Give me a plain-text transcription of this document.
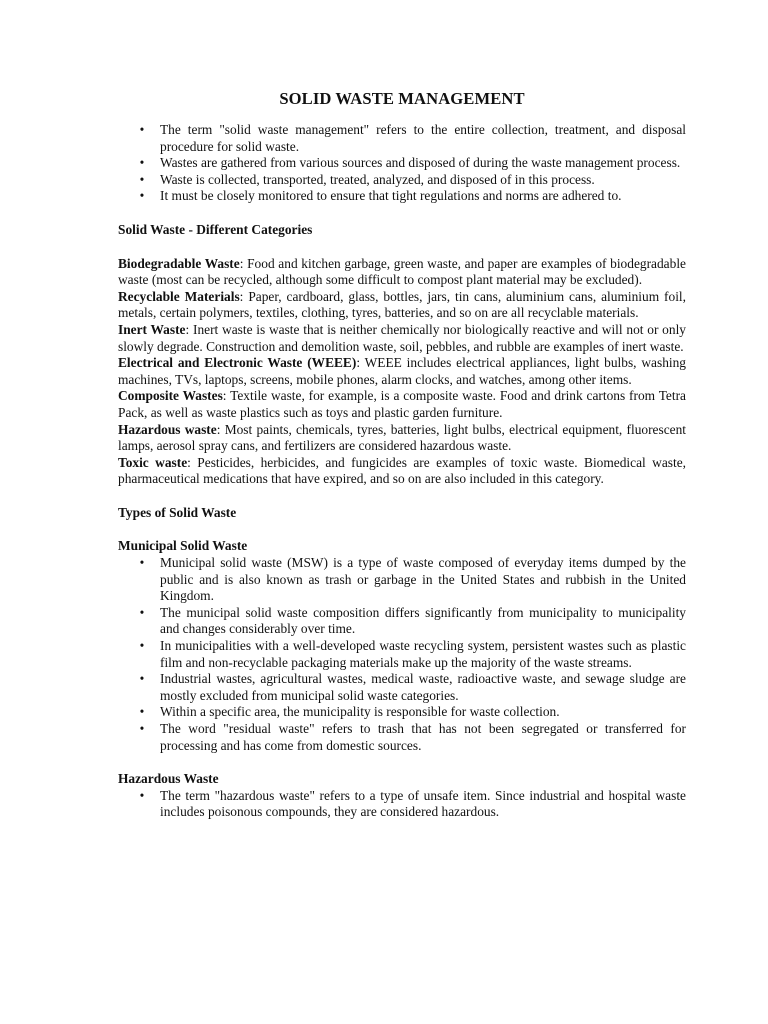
SOLID WASTE MANAGEMENT
• The term "solid waste management" refers to the entire collection, treatment, and disposal procedure for solid waste.
• Wastes are gathered from various sources and disposed of during the waste management process.
• Waste is collected, transported, treated, analyzed, and disposed of in this process.
• It must be closely monitored to ensure that tight regulations and norms are adhered to.

Solid Waste - Different Categories

Biodegradable Waste: Food and kitchen garbage, green waste, and paper are examples of biodegradable waste (most can be recycled, although some difficult to compost plant material may be excluded).

Recyclable Materials: Paper, cardboard, glass, bottles, jars, tin cans, aluminium cans, aluminium foil, metals, certain polymers, textiles, clothing, tyres, batteries, and so on are all recyclable materials.

Inert Waste: Inert waste is waste that is neither chemically nor biologically reactive and will not or only slowly degrade. Construction and demolition waste, soil, pebbles, and rubble are examples of inert waste.

Electrical and Electronic Waste (WEEE): WEEE includes electrical appliances, light bulbs, washing machines, TVs, laptops, screens, mobile phones, alarm clocks, and watches, among other items.

Composite Wastes: Textile waste, for example, is a composite waste. Food and drink cartons from Tetra Pack, as well as waste plastics such as toys and plastic garden furniture.

Hazardous waste: Most paints, chemicals, tyres, batteries, light bulbs, electrical equipment, fluorescent lamps, aerosol spray cans, and fertilizers are considered hazardous waste.

Toxic waste: Pesticides, herbicides, and fungicides are examples of toxic waste. Biomedical waste, pharmaceutical medications that have expired, and so on are also included in this category.

Types of Solid Waste

Municipal Solid Waste

• Municipal solid waste (MSW) is a type of waste composed of everyday items dumped by the public and is also known as trash or garbage in the United States and rubbish in the United Kingdom.
• The municipal solid waste composition differs significantly from municipality to municipality and changes considerably over time.
• In municipalities with a well-developed waste recycling system, persistent wastes such as plastic film and non-recyclable packaging materials make up the majority of the waste streams.
• Industrial wastes, agricultural wastes, medical waste, radioactive waste, and sewage sludge are mostly excluded from municipal solid waste categories.
• Within a specific area, the municipality is responsible for waste collection.
• The word "residual waste" refers to trash that has not been segregated or transferred for processing and has come from domestic sources.

Hazardous Waste

• The term "hazardous waste" refers to a type of unsafe item. Since industrial and hospital waste includes poisonous compounds, they are considered hazardous.
